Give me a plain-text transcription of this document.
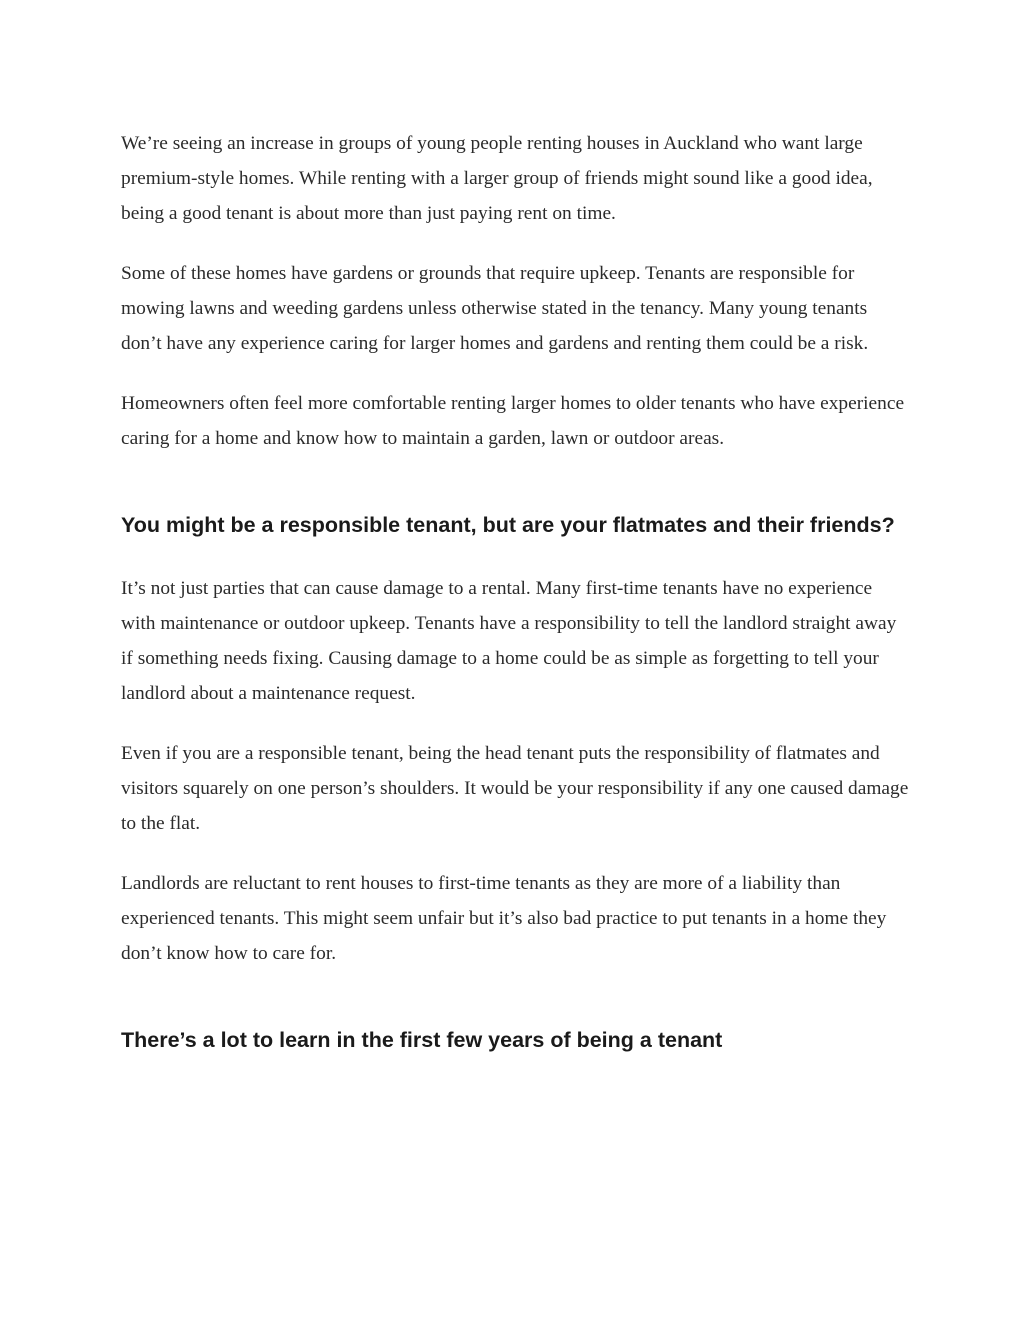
We’re seeing an increase in groups of young people renting houses in Auckland who want large premium-style homes. While renting with a larger group of friends might sound like a good idea, being a good tenant is about more than just paying rent on time.

Some of these homes have gardens or grounds that require upkeep. Tenants are responsible for mowing lawns and weeding gardens unless otherwise stated in the tenancy. Many young tenants don’t have any experience caring for larger homes and gardens and renting them could be a risk.

Homeowners often feel more comfortable renting larger homes to older tenants who have experience caring for a home and know how to maintain a garden, lawn or outdoor areas.

You might be a responsible tenant, but are your flatmates and their friends?

It’s not just parties that can cause damage to a rental. Many first-time tenants have no experience with maintenance or outdoor upkeep. Tenants have a responsibility to tell the landlord straight away if something needs fixing. Causing damage to a home could be as simple as forgetting to tell your landlord about a maintenance request.

Even if you are a responsible tenant, being the head tenant puts the responsibility of flatmates and visitors squarely on one person’s shoulders. It would be your responsibility if any one caused damage to the flat.

Landlords are reluctant to rent houses to first-time tenants as they are more of a liability than experienced tenants. This might seem unfair but it’s also bad practice to put tenants in a home they don’t know how to care for.

There’s a lot to learn in the first few years of being a tenant
